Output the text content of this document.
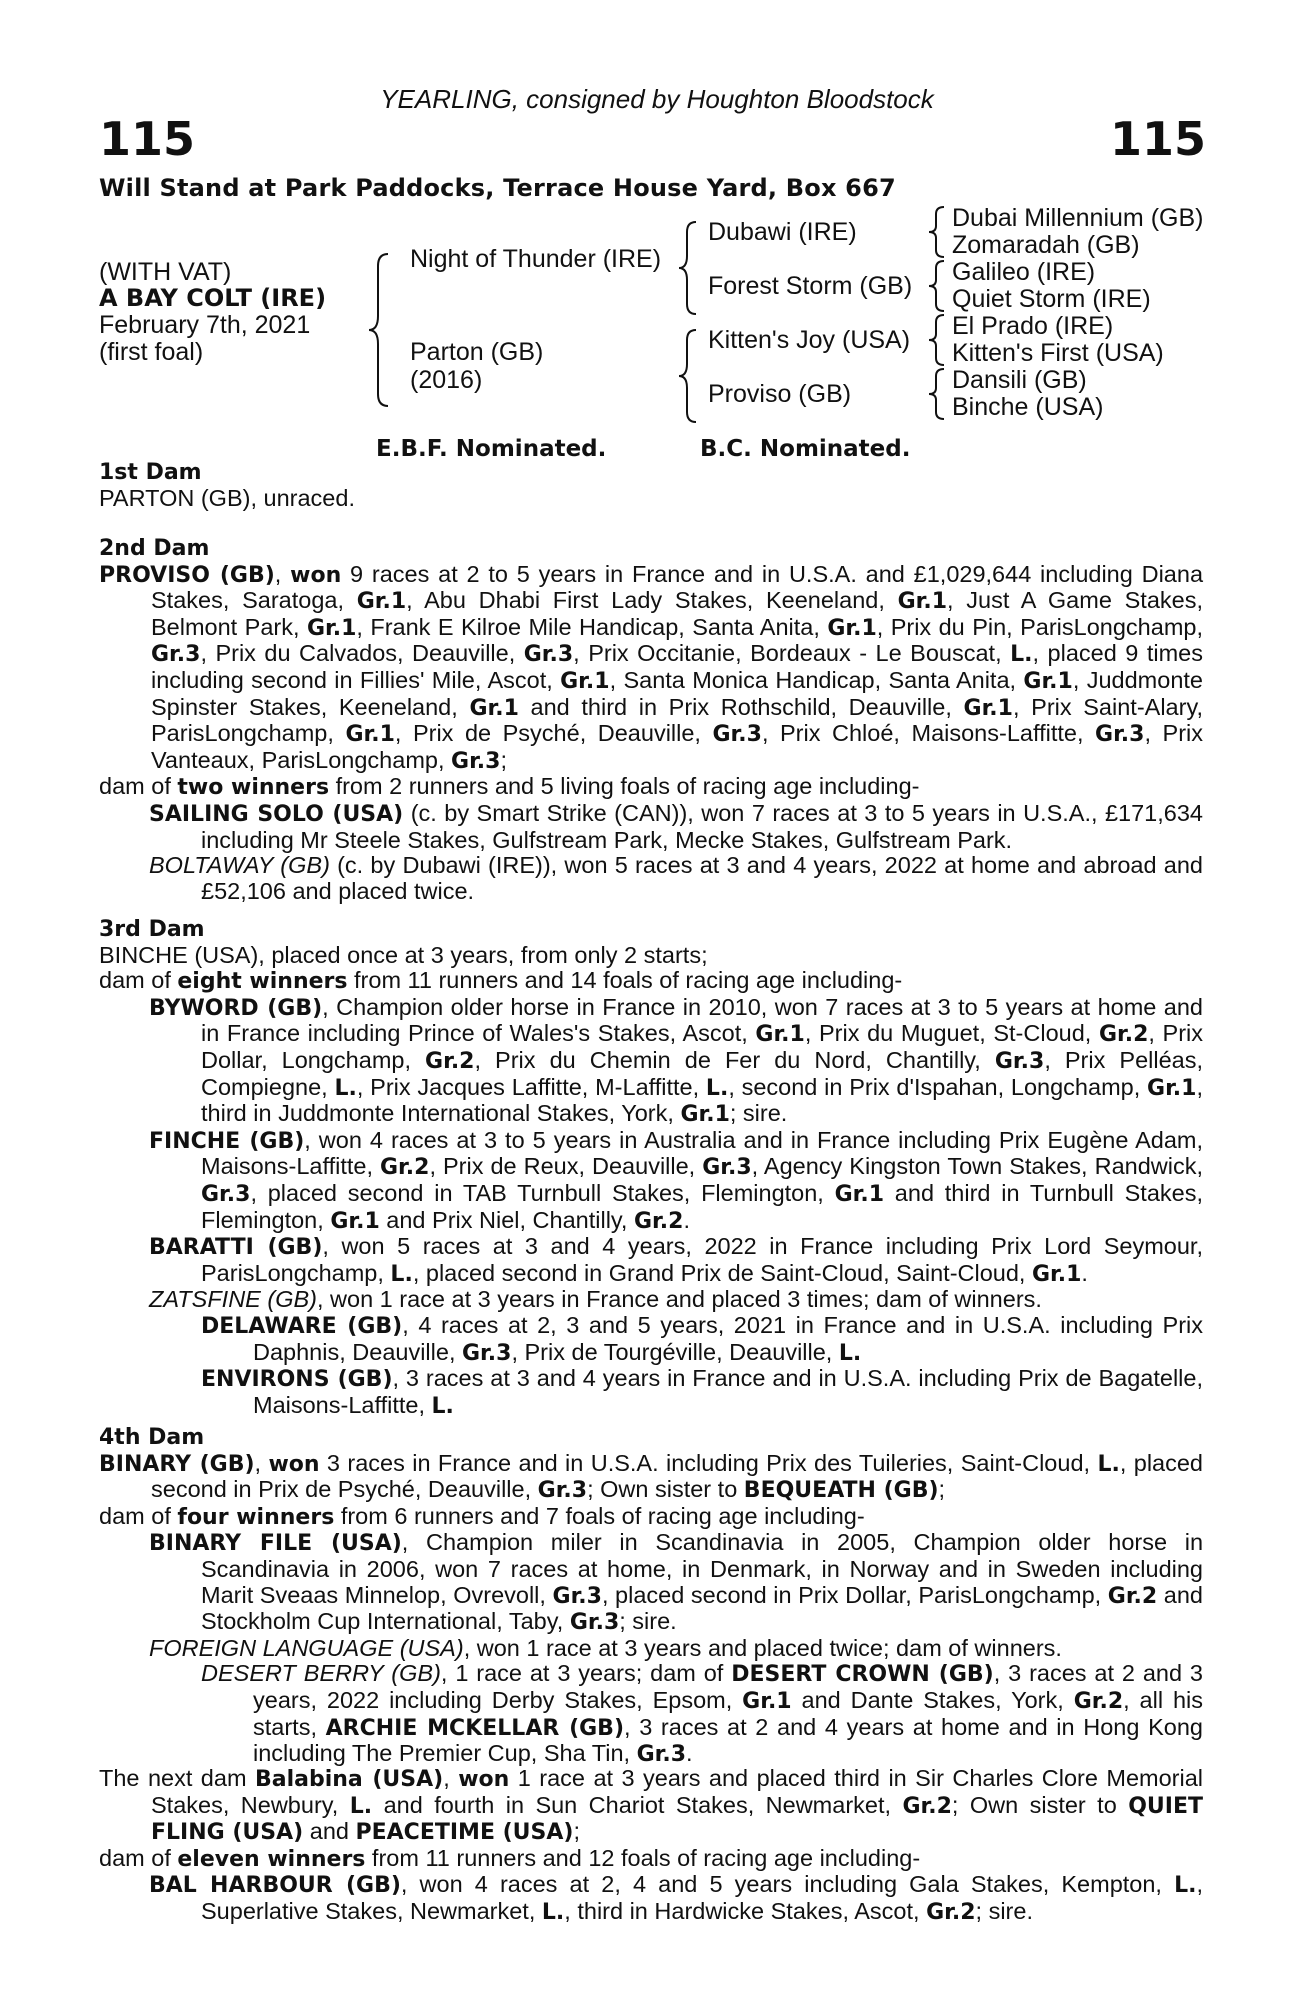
YEARLING, consigned by Houghton Bloodstock
115	115
Will Stand at Park Paddocks, Terrace House Yard, Box 667
(WITH VAT)
A BAY COLT (IRE)
February 7th, 2021
(first foal)
Night of Thunder (IRE)
Parton (GB)
(2016)
Dubawi (IRE)
Forest Storm (GB)
Kitten's Joy (USA)
Proviso (GB)
Dubai Millennium (GB)
Zomaradah (GB)
Galileo (IRE)
Quiet Storm (IRE)
El Prado (IRE)
Kitten's First (USA)
Dansili (GB)
Binche (USA)
E.B.F. Nominated.	B.C. Nominated.

1st Dam

PARTON (GB), unraced.

2nd Dam

PROVISO (GB), won 9 races at 2 to 5 years in France and in U.S.A. and £1,029,644 including Diana Stakes, Saratoga, Gr.1, Abu Dhabi First Lady Stakes, Keeneland, Gr.1, Just A Game Stakes, Belmont Park, Gr.1, Frank E Kilroe Mile Handicap, Santa Anita, Gr.1, Prix du Pin, ParisLongchamp, Gr.3, Prix du Calvados, Deauville, Gr.3, Prix Occitanie, Bordeaux - Le Bouscat, L., placed 9 times including second in Fillies' Mile, Ascot, Gr.1, Santa Monica Handicap, Santa Anita, Gr.1, Juddmonte Spinster Stakes, Keeneland, Gr.1 and third in Prix Rothschild, Deauville, Gr.1, Prix Saint-Alary, ParisLongchamp, Gr.1, Prix de Psyché, Deauville, Gr.3, Prix Chloé, Maisons-Laffitte, Gr.3, Prix Vanteaux, ParisLongchamp, Gr.3;

dam of two winners from 2 runners and 5 living foals of racing age including-

SAILING SOLO (USA) (c. by Smart Strike (CAN)), won 7 races at 3 to 5 years in U.S.A., £171,634 including Mr Steele Stakes, Gulfstream Park, Mecke Stakes, Gulfstream Park.

BOLTAWAY (GB) (c. by Dubawi (IRE)), won 5 races at 3 and 4 years, 2022 at home and abroad and £52,106 and placed twice.

3rd Dam

BINCHE (USA), placed once at 3 years, from only 2 starts;

dam of eight winners from 11 runners and 14 foals of racing age including-

BYWORD (GB), Champion older horse in France in 2010, won 7 races at 3 to 5 years at home and in France including Prince of Wales's Stakes, Ascot, Gr.1, Prix du Muguet, St-Cloud, Gr.2, Prix Dollar, Longchamp, Gr.2, Prix du Chemin de Fer du Nord, Chantilly, Gr.3, Prix Pelléas, Compiegne, L., Prix Jacques Laffitte, M-Laffitte, L., second in Prix d'Ispahan, Longchamp, Gr.1, third in Juddmonte International Stakes, York, Gr.1; sire.

FINCHE (GB), won 4 races at 3 to 5 years in Australia and in France including Prix Eugène Adam, Maisons-Laffitte, Gr.2, Prix de Reux, Deauville, Gr.3, Agency Kingston Town Stakes, Randwick, Gr.3, placed second in TAB Turnbull Stakes, Flemington, Gr.1 and third in Turnbull Stakes, Flemington, Gr.1 and Prix Niel, Chantilly, Gr.2.

BARATTI (GB), won 5 races at 3 and 4 years, 2022 in France including Prix Lord Seymour, ParisLongchamp, L., placed second in Grand Prix de Saint-Cloud, Saint-Cloud, Gr.1.

ZATSFINE (GB), won 1 race at 3 years in France and placed 3 times; dam of winners.

DELAWARE (GB), 4 races at 2, 3 and 5 years, 2021 in France and in U.S.A. including Prix Daphnis, Deauville, Gr.3, Prix de Tourgéville, Deauville, L.

ENVIRONS (GB), 3 races at 3 and 4 years in France and in U.S.A. including Prix de Bagatelle, Maisons-Laffitte, L.

4th Dam

BINARY (GB), won 3 races in France and in U.S.A. including Prix des Tuileries, Saint-Cloud, L., placed second in Prix de Psyché, Deauville, Gr.3; Own sister to BEQUEATH (GB);

dam of four winners from 6 runners and 7 foals of racing age including-

BINARY FILE (USA), Champion miler in Scandinavia in 2005, Champion older horse in Scandinavia in 2006, won 7 races at home, in Denmark, in Norway and in Sweden including Marit Sveaas Minnelop, Ovrevoll, Gr.3, placed second in Prix Dollar, ParisLongchamp, Gr.2 and Stockholm Cup International, Taby, Gr.3; sire.

FOREIGN LANGUAGE (USA), won 1 race at 3 years and placed twice; dam of winners.

DESERT BERRY (GB), 1 race at 3 years; dam of DESERT CROWN (GB), 3 races at 2 and 3 years, 2022 including Derby Stakes, Epsom, Gr.1 and Dante Stakes, York, Gr.2, all his starts, ARCHIE MCKELLAR (GB), 3 races at 2 and 4 years at home and in Hong Kong including The Premier Cup, Sha Tin, Gr.3.

The next dam Balabina (USA), won 1 race at 3 years and placed third in Sir Charles Clore Memorial Stakes, Newbury, L. and fourth in Sun Chariot Stakes, Newmarket, Gr.2; Own sister to QUIET FLING (USA) and PEACETIME (USA);

dam of eleven winners from 11 runners and 12 foals of racing age including-

BAL HARBOUR (GB), won 4 races at 2, 4 and 5 years including Gala Stakes, Kempton, L., Superlative Stakes, Newmarket, L., third in Hardwicke Stakes, Ascot, Gr.2; sire.
